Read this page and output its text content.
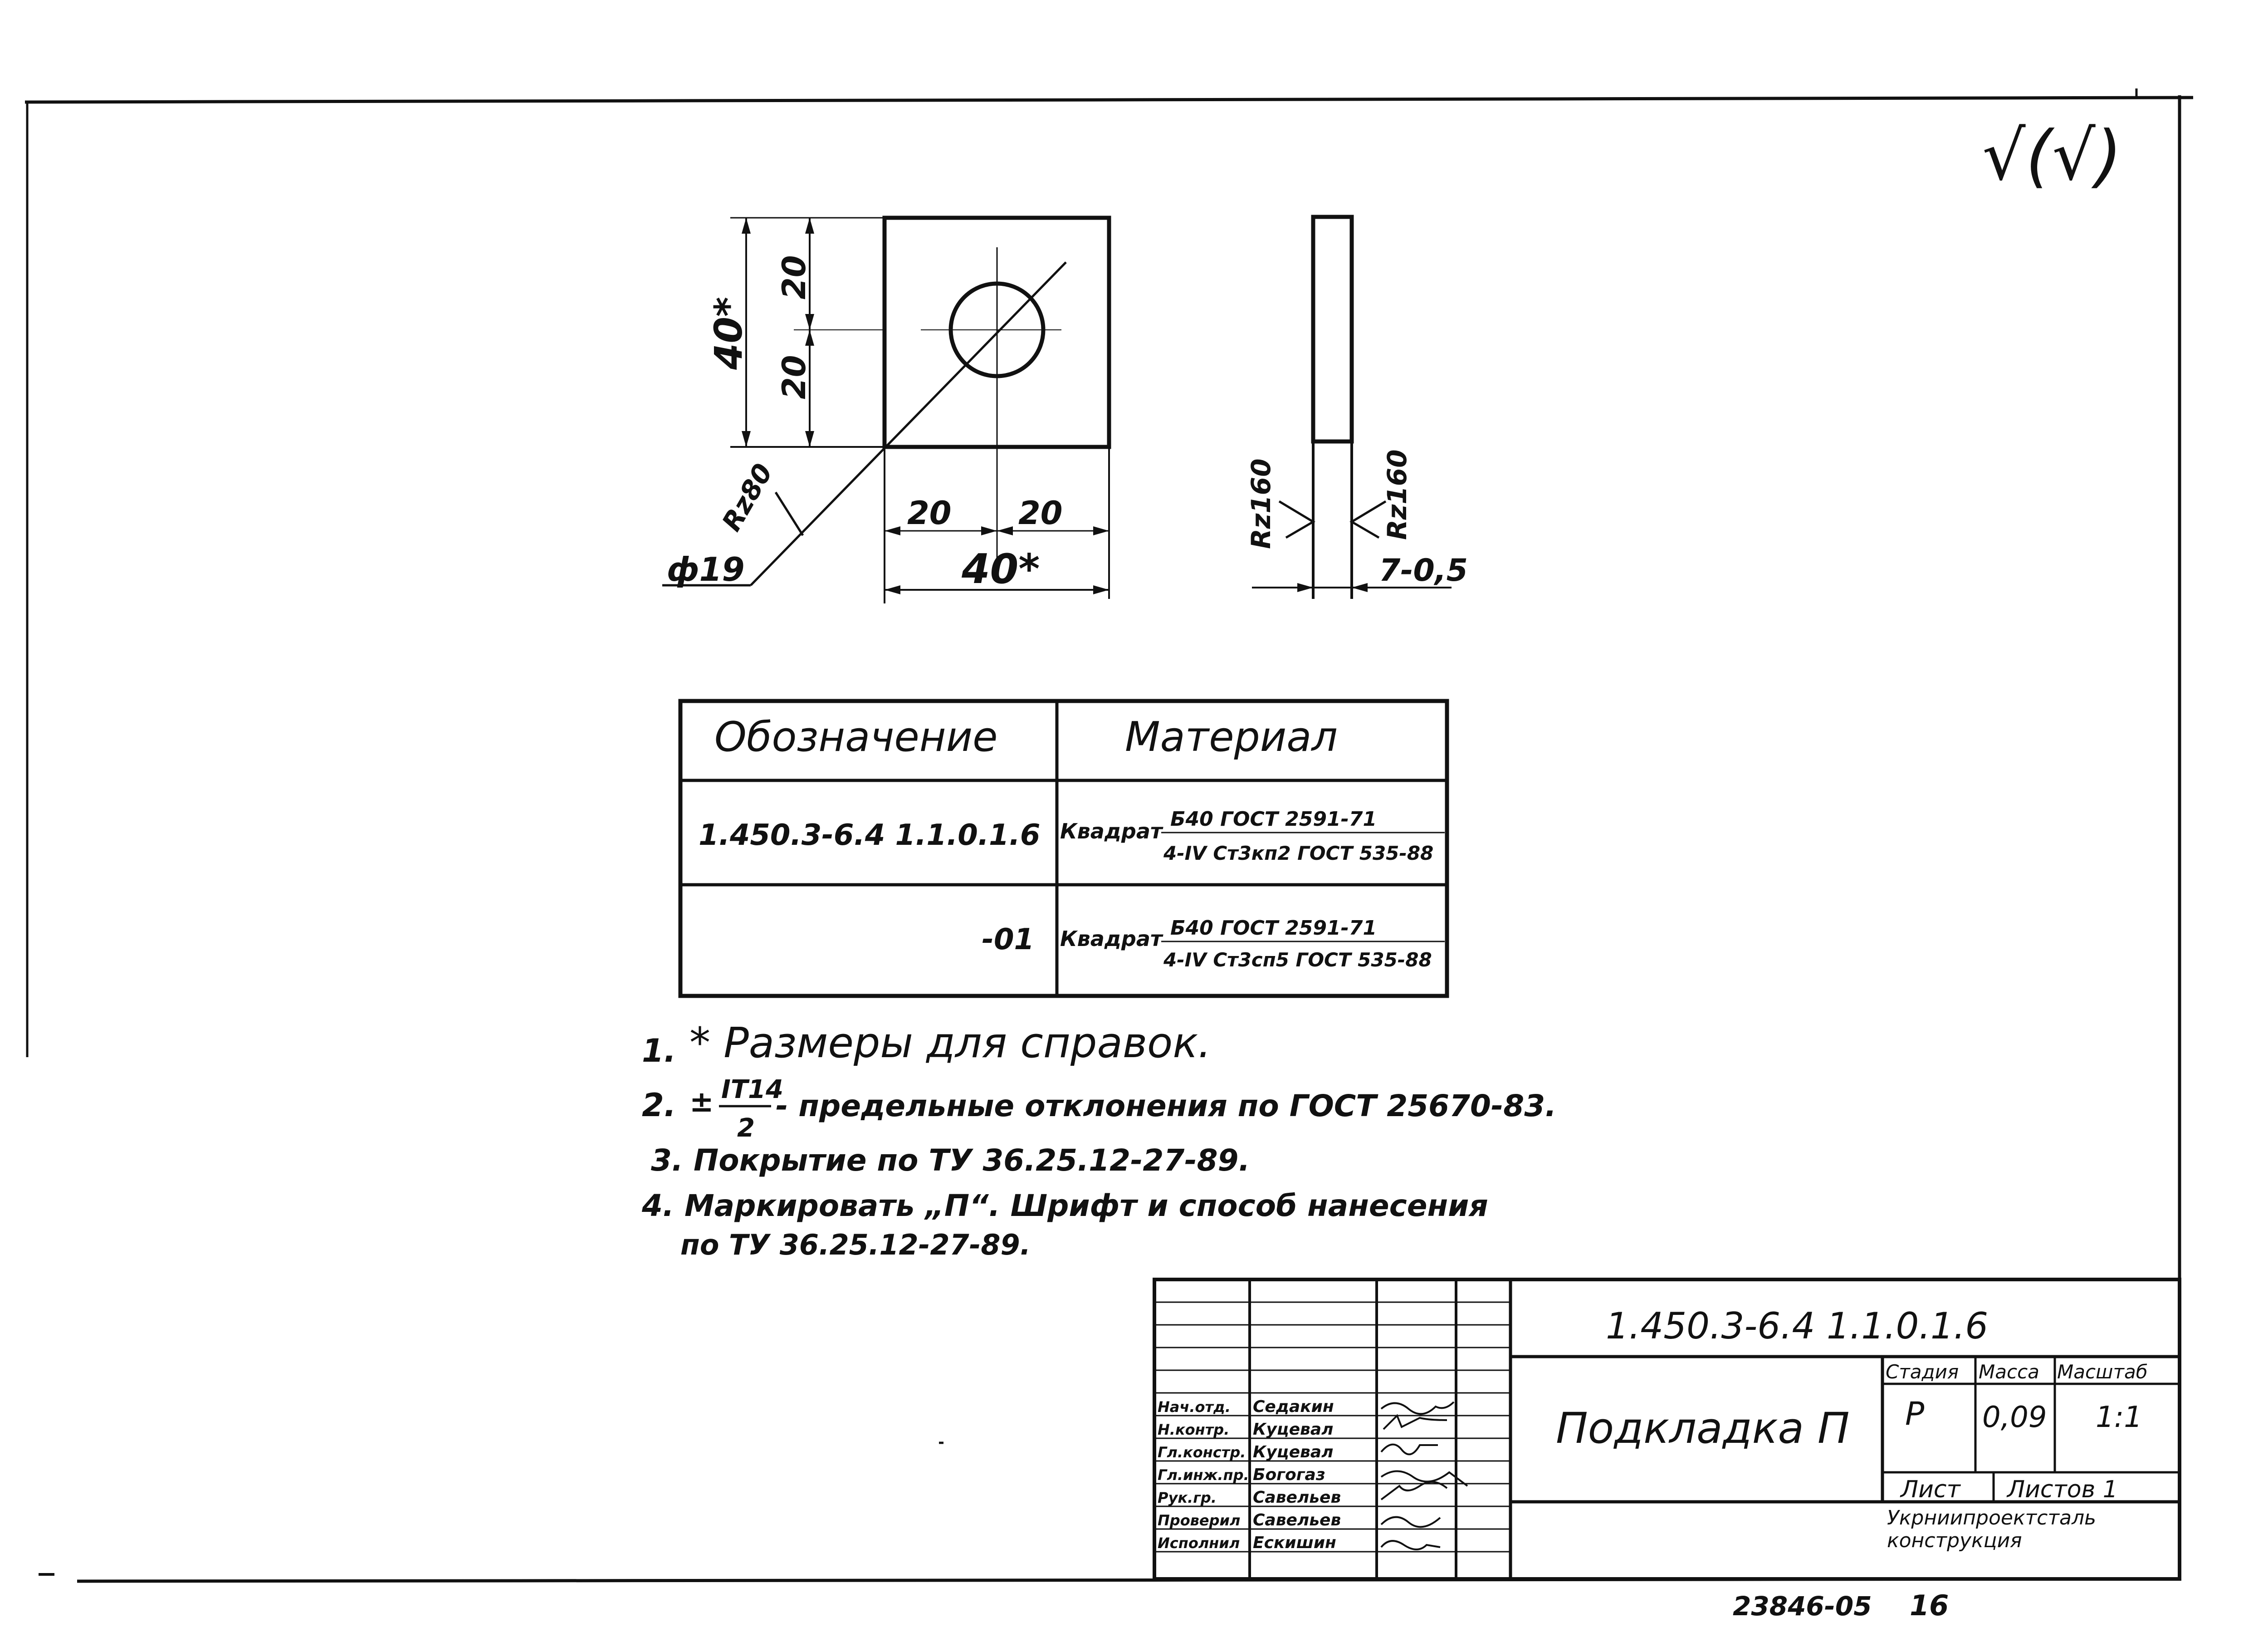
√(√)
40*
20
20
20 20
40*
ф19
Rz80	Rz160	Rz160
7-0,5
Обозначение	Материал
1.450.3-6.4 1.1.0.1.6 Квадрат Б40 ГОСТ 2591-71
4-IV Ст3кп2 ГОСТ 535-88
-01 Квадрат Б40 ГОСТ 2591-71
4-IV Ст3сп5 ГОСТ 535-88
1. * Размеры для справок.
2. ± IT14
2
- предельные отклонения по ГОСТ 25670-83.
3. Покрытие по ТУ 36.25.12-27-89.
4. Маркировать „П“. Шрифт и способ нанесения
по ТУ 36.25.12-27-89.
1.450.3-6.4 1.1.0.1.6
Подкладка П
Стадия Масса Масштаб
Р 0,09 1:1
Лист Листов 1
Укрниипроектсталь
конструкция
Нач.отд. Седакин
Н.контр. Куцевал
Гл.констр. Куцевал
Гл.инж.пр. Богогаз
Рук.гр. Савельев
Проверил Савельев
Исполнил Ескишин
23846-05 16
